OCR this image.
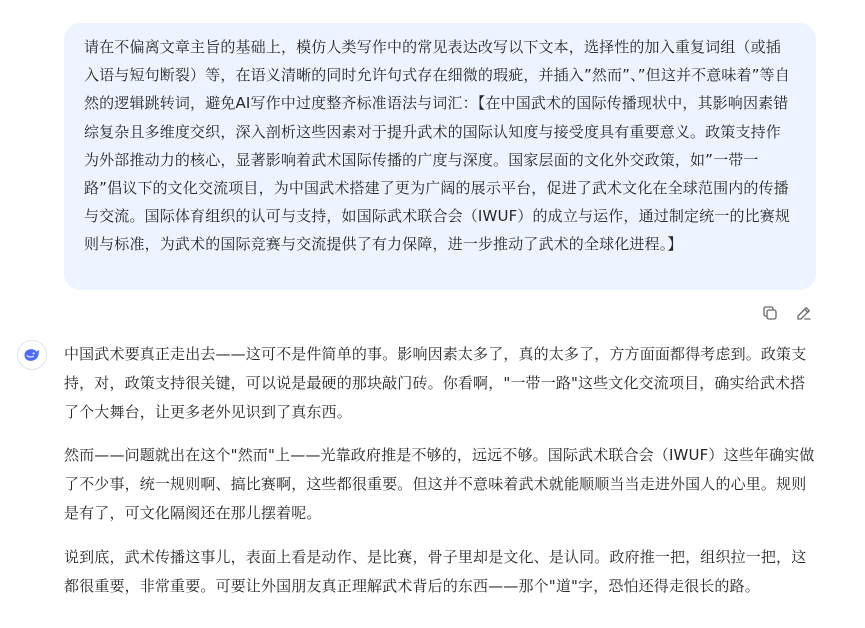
请在不偏离文章主旨的基础上，模仿人类写作中的常见表达改写以下文本，选择性的加入重复词组（或插入语与短句断裂）等，在语义清晰的同时允许句式存在细微的瑕疵，并插入”然而”、”但这并不意味着”等自然的逻辑跳转词，避免AI写作中过度整齐标准语法与词汇：【在中国武术的国际传播现状中，其影响因素错综复杂且多维度交织，深入剖析这些因素对于提升武术的国际认知度与接受度具有重要意义。政策支持作为外部推动力的核心，显著影响着武术国际传播的广度与深度。国家层面的文化外交政策，如”一带一路”倡议下的文化交流项目，为中国武术搭建了更为广阔的展示平台，促进了武术文化在全球范围内的传播与交流。国际体育组织的认可与支持，如国际武术联合会（IWUF）的成立与运作，通过制定统一的比赛规则与标准，为武术的国际竞赛与交流提供了有力保障，进一步推动了武术的全球化进程。】

中国武术要真正走出去——这可不是件简单的事。影响因素太多了，真的太多了，方方面面都得考虑到。政策支持，对，政策支持很关键，可以说是最硬的那块敲门砖。你看啊，"一带一路"这些文化交流项目，确实给武术搭了个大舞台，让更多老外见识到了真东西。

然而——问题就出在这个"然而"上——光靠政府推是不够的，远远不够。国际武术联合会（IWUF）这些年确实做了不少事，统一规则啊、搞比赛啊，这些都很重要。但这并不意味着武术就能顺顺当当走进外国人的心里。规则是有了，可文化隔阂还在那儿摆着呢。

说到底，武术传播这事儿，表面上看是动作、是比赛，骨子里却是文化、是认同。政府推一把，组织拉一把，这都很重要，非常重要。可要让外国朋友真正理解武术背后的东西——那个"道"字，恐怕还得走很长的路。
